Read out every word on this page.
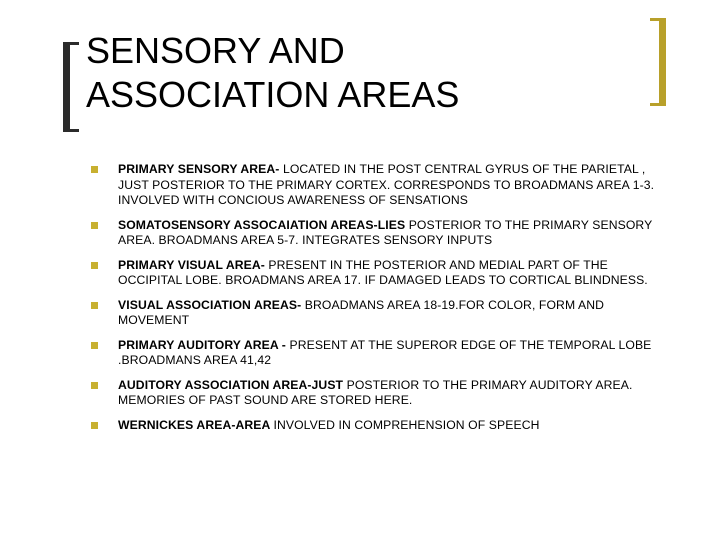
SENSORY AND
ASSOCIATION AREAS
PRIMARY SENSORY AREA- LOCATED IN THE POST CENTRAL GYRUS OF THE PARIETAL , JUST POSTERIOR TO THE PRIMARY CORTEX. CORRESPONDS TO BROADMANS AREA 1-3. INVOLVED WITH CONCIOUS AWARENESS OF SENSATIONS
SOMATOSENSORY ASSOCAIATION AREAS-LIES POSTERIOR TO THE PRIMARY SENSORY AREA. BROADMANS AREA 5-7. INTEGRATES SENSORY INPUTS
PRIMARY VISUAL AREA- PRESENT IN THE POSTERIOR AND MEDIAL PART OF THE OCCIPITAL LOBE. BROADMANS AREA 17. IF DAMAGED LEADS TO CORTICAL BLINDNESS.
VISUAL ASSOCIATION AREAS- BROADMANS AREA 18-19.FOR COLOR, FORM AND MOVEMENT
PRIMARY AUDITORY AREA - PRESENT AT THE SUPEROR EDGE OF THE TEMPORAL LOBE .BROADMANS AREA 41,42
AUDITORY ASSOCIATION AREA-JUST POSTERIOR TO THE PRIMARY AUDITORY AREA. MEMORIES OF PAST SOUND ARE STORED HERE.
WERNICKES AREA-AREA INVOLVED IN COMPREHENSION OF SPEECH
